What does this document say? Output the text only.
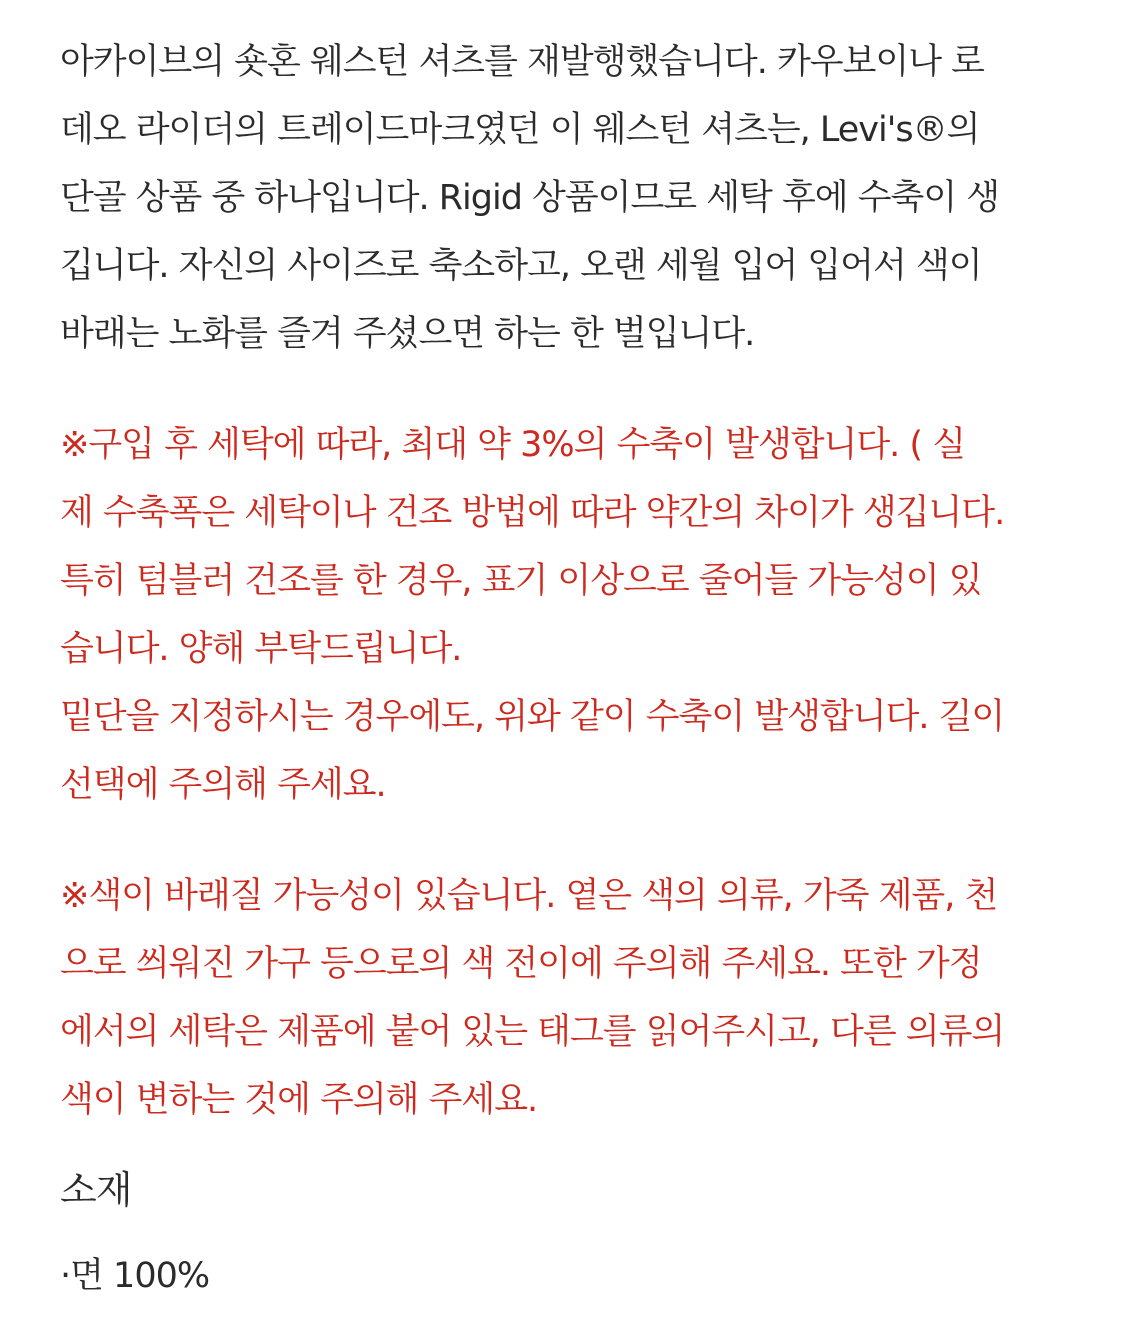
아카이브의 숏혼 웨스턴 셔츠를 재발행했습니다. 카우보이나 로
데오 라이더의 트레이드마크였던 이 웨스턴 셔츠는, Levi's®의
단골 상품 중 하나입니다. Rigid 상품이므로 세탁 후에 수축이 생
깁니다. 자신의 사이즈로 축소하고, 오랜 세월 입어 입어서 색이
바래는 노화를 즐겨 주셨으면 하는 한 벌입니다.
※구입 후 세탁에 따라, 최대 약 3%의 수축이 발생합니다. ( 실
제 수축폭은 세탁이나 건조 방법에 따라 약간의 차이가 생깁니다.
특히 텀블러 건조를 한 경우, 표기 이상으로 줄어들 가능성이 있
습니다. 양해 부탁드립니다.
밑단을 지정하시는 경우에도, 위와 같이 수축이 발생합니다. 길이
선택에 주의해 주세요.
※색이 바래질 가능성이 있습니다. 옅은 색의 의류, 가죽 제품, 천
으로 씌워진 가구 등으로의 색 전이에 주의해 주세요. 또한 가정
에서의 세탁은 제품에 붙어 있는 태그를 읽어주시고, 다른 의류의
색이 변하는 것에 주의해 주세요.
소재
·면 100%
